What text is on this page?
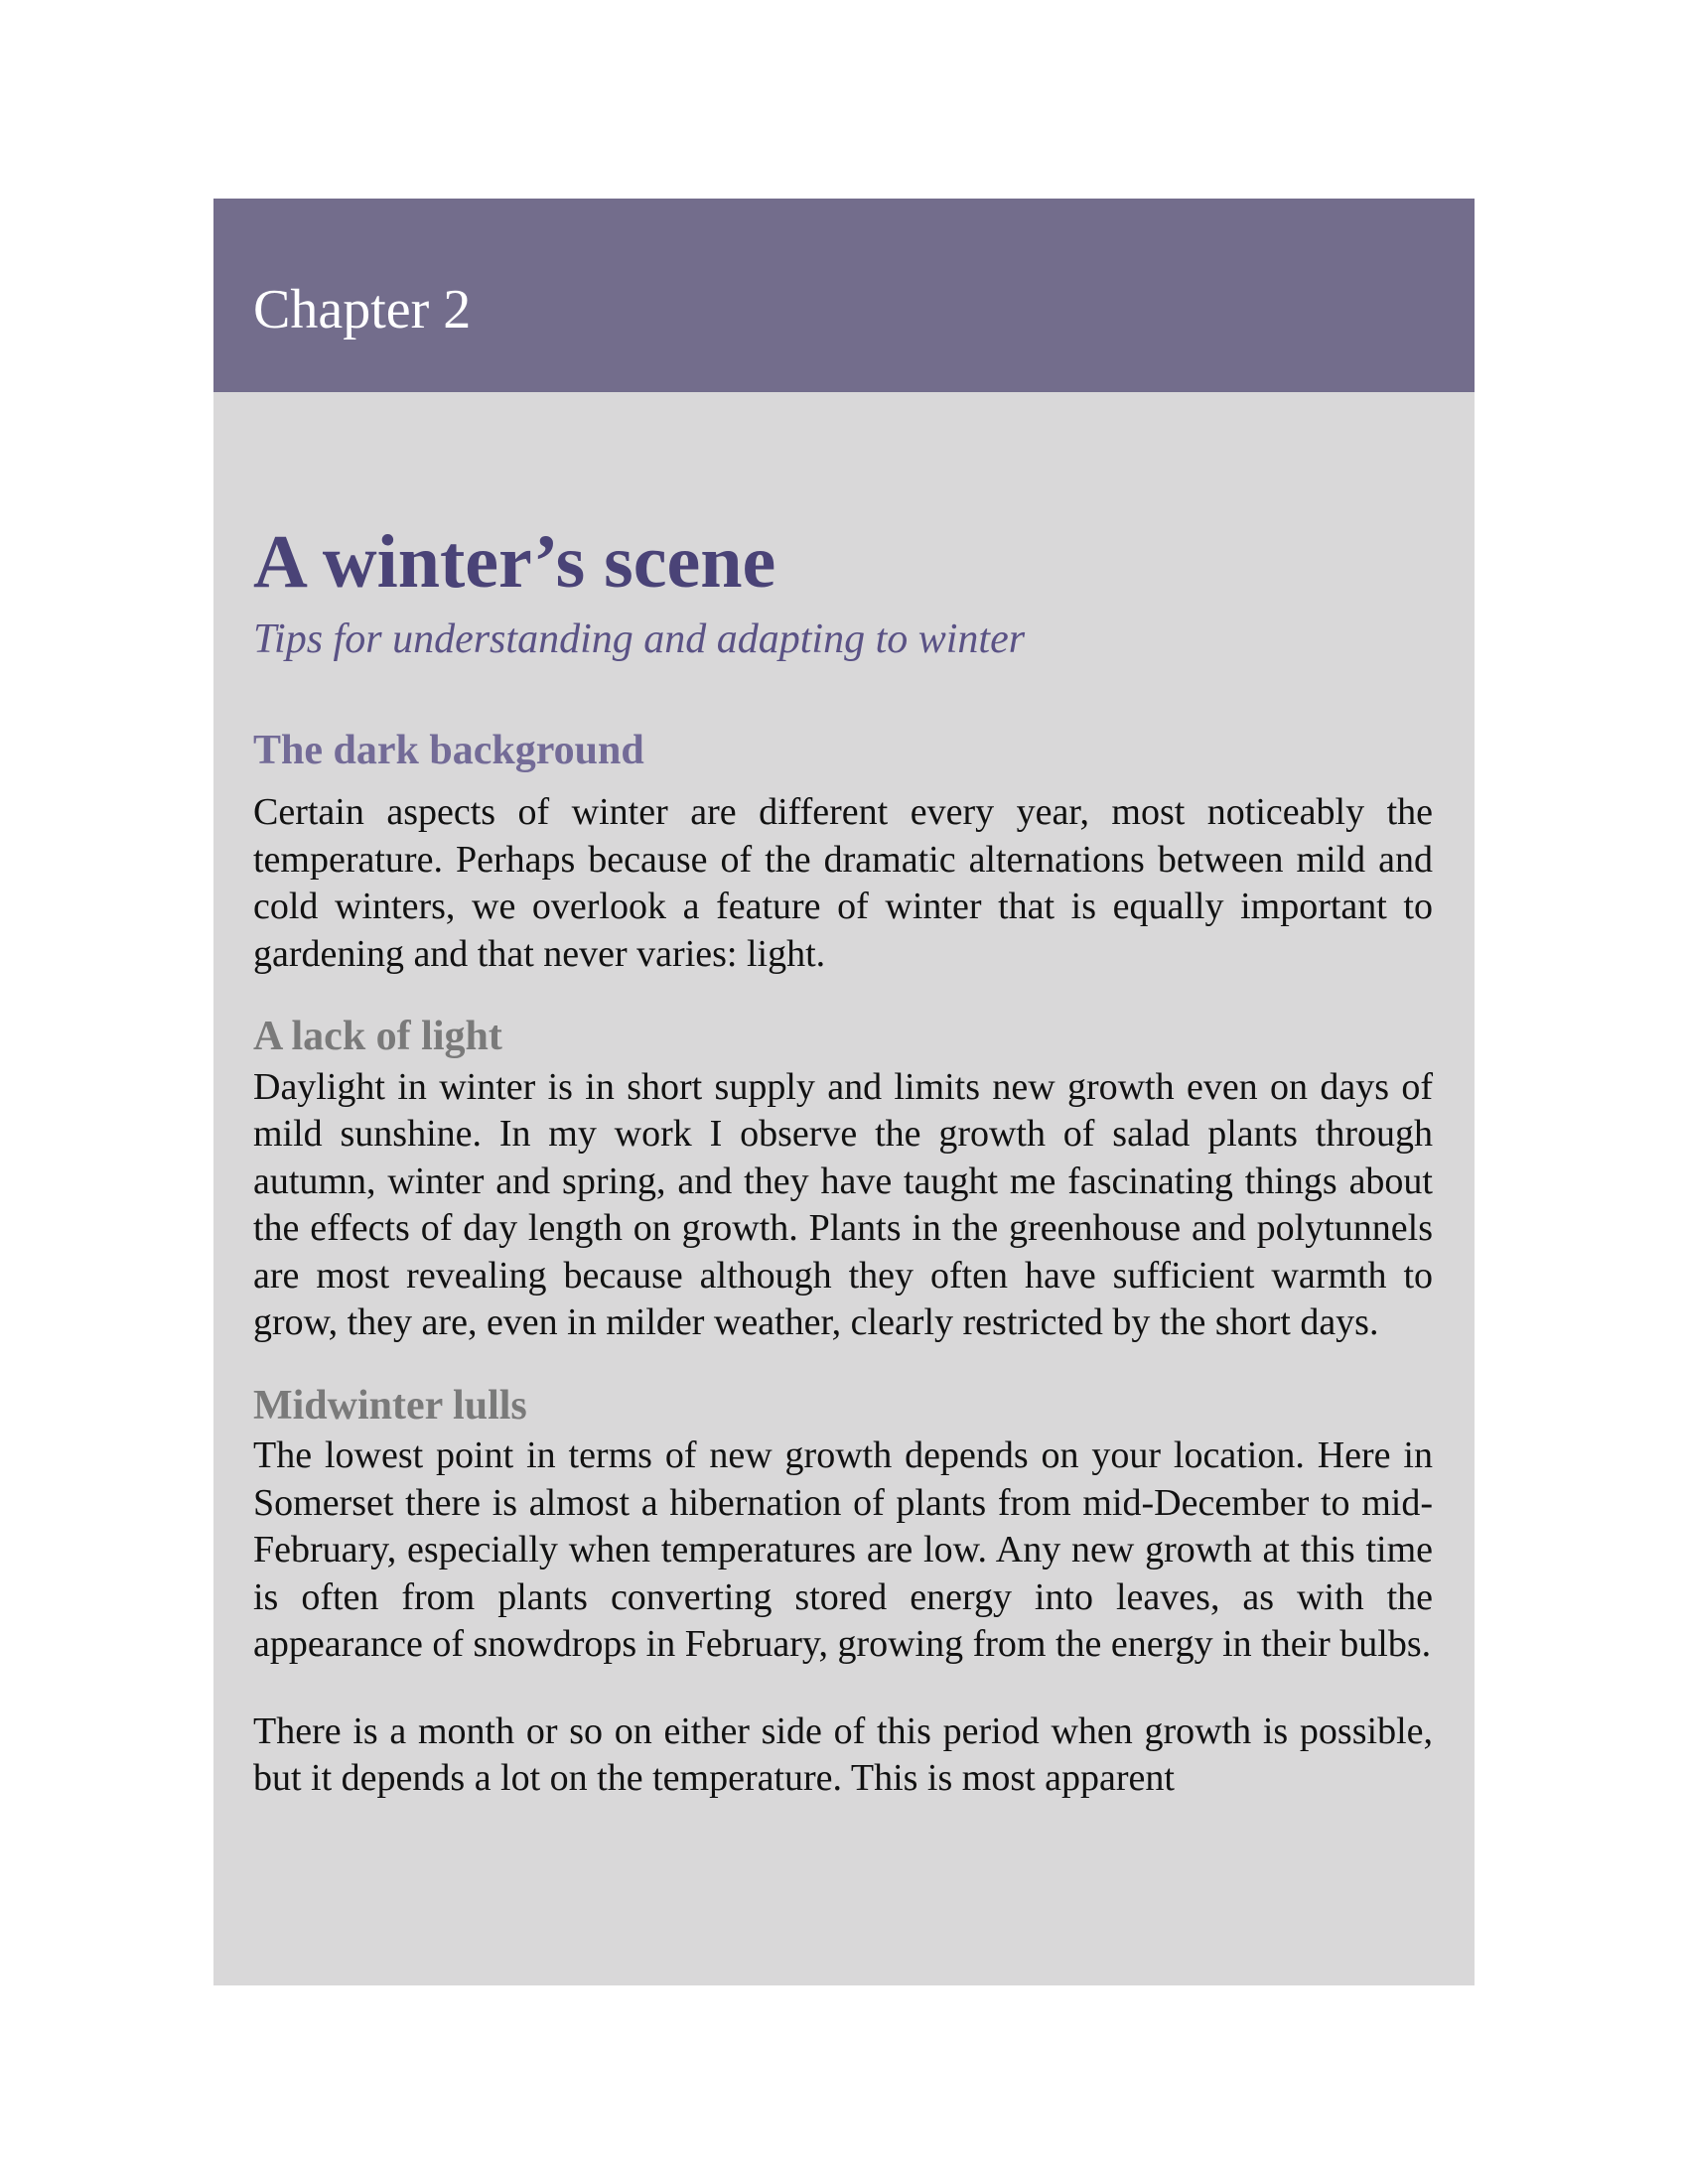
Chapter 2
A winter’s scene

Tips for understanding and adapting to winter

The dark background

Certain aspects of winter are different every year, most noticeably the temperature. Perhaps because of the dramatic alternations between mild and cold winters, we overlook a feature of winter that is equally important to gardening and that never varies: light.

A lack of light

Daylight in winter is in short supply and limits new growth even on days of mild sunshine. In my work I observe the growth of salad plants through autumn, winter and spring, and they have taught me fascinating things about the effects of day length on growth. Plants in the greenhouse and polytunnels are most revealing because although they often have sufficient warmth to grow, they are, even in milder weather, clearly restricted by the short days.

Midwinter lulls

The lowest point in terms of new growth depends on your location. Here in Somerset there is almost a hibernation of plants from mid-December to mid-February, especially when temperatures are low. Any new growth at this time is often from plants converting stored energy into leaves, as with the appearance of snowdrops in February, growing from the energy in their bulbs.

There is a month or so on either side of this period when growth is possible, but it depends a lot on the temperature. This is most apparent
